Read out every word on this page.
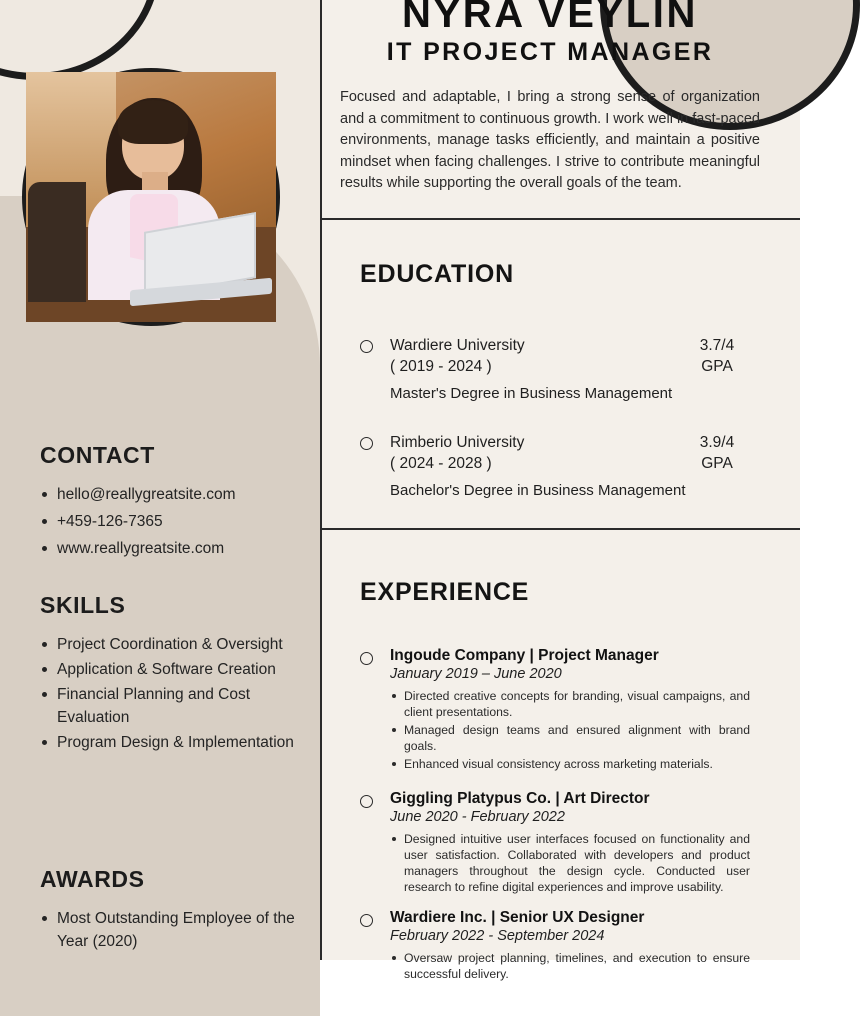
CONTACT
hello@reallygreatsite.com
+459-126-7365
www.reallygreatsite.com
SKILLS
Project Coordination & Oversight
Application & Software Creation
Financial Planning and Cost Evaluation
Program Design & Implementation
AWARDS
Most Outstanding Employee of the Year (2020)
NYRA VEYLIN
IT PROJECT MANAGER
Focused and adaptable, I bring a strong sense of organization and a commitment to continuous growth. I work well in fast-paced environments, manage tasks efficiently, and maintain a positive mindset when facing challenges. I strive to contribute meaningful results while supporting the overall goals of the team.
EDUCATION
Wardiere University
( 2019 - 2024 )
3.7/4
GPA
Master's Degree in Business Management
Rimberio University
( 2024 - 2028 )
3.9/4
GPA
Bachelor's Degree in Business Management
EXPERIENCE
Ingoude Company | Project Manager
January 2019 – June 2020
Directed creative concepts for branding, visual campaigns, and client presentations.
Managed design teams and ensured alignment with brand goals.
Enhanced visual consistency across marketing materials.
Giggling Platypus Co. | Art Director
June 2020 - February 2022
Designed intuitive user interfaces focused on functionality and user satisfaction. Collaborated with developers and product managers throughout the design cycle. Conducted user research to refine digital experiences and improve usability.
Wardiere Inc. | Senior UX Designer
February 2022 - September 2024
Oversaw project planning, timelines, and execution to ensure successful delivery.
